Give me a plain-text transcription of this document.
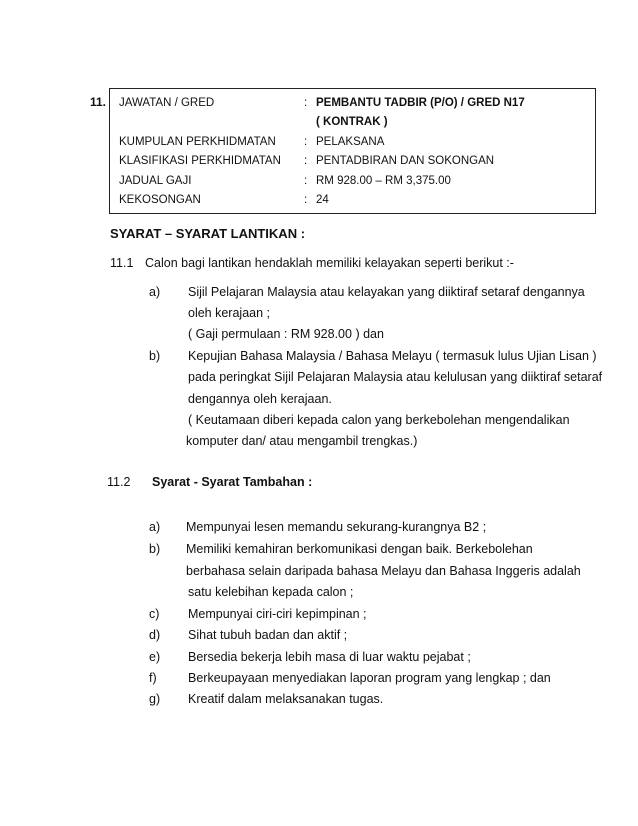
11. JAWATAN / GRED	: PEMBANTU TADBIR (P/O) / GRED N17
( KONTRAK )
KUMPULAN PERKHIDMATAN : PELAKSANA
KLASIFIKASI PERKHIDMATAN : PENTADBIRAN DAN SOKONGAN
JADUAL GAJI	: RM 928.00 – RM 3,375.00
KEKOSONGAN	: 24
SYARAT – SYARAT LANTIKAN :
11.1 Calon bagi lantikan hendaklah memiliki kelayakan seperti berikut :-
a) Sijil Pelajaran Malaysia atau kelayakan yang diiktiraf setaraf dengannya
oleh kerajaan ;
( Gaji permulaan : RM 928.00 ) dan
b) Kepujian Bahasa Malaysia / Bahasa Melayu ( termasuk lulus Ujian Lisan )
pada peringkat Sijil Pelajaran Malaysia atau kelulusan yang diiktiraf setaraf
dengannya oleh kerajaan.
( Keutamaan diberi kepada calon yang berkebolehan mengendalikan
komputer dan/ atau mengambil trengkas.)
11.2 Syarat - Syarat Tambahan :
a) Mempunyai lesen memandu sekurang-kurangnya B2 ;
b) Memiliki kemahiran berkomunikasi dengan baik. Berkebolehan
berbahasa selain daripada bahasa Melayu dan Bahasa Inggeris adalah
satu kelebihan kepada calon ;
c) Mempunyai ciri-ciri kepimpinan ;
d) Sihat tubuh badan dan aktif ;
e) Bersedia bekerja lebih masa di luar waktu pejabat ;
f)	Berkeupayaan menyediakan laporan program yang lengkap ; dan
g) Kreatif dalam melaksanakan tugas.
